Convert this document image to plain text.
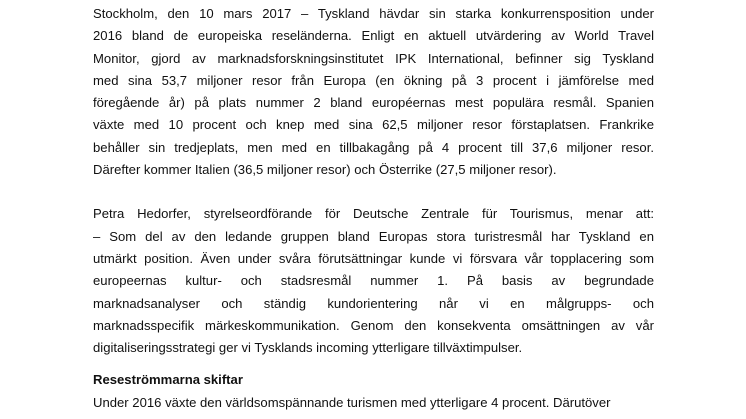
Stockholm, den 10 mars 2017 – Tyskland hävdar sin starka konkurrensposition under
2016 bland de europeiska reseländerna. Enligt en aktuell utvärdering av World Travel
Monitor, gjord av marknadsforskningsinstitutet IPK International, befinner sig Tyskland
med sina 53,7 miljoner resor från Europa (en ökning på 3 procent i jämförelse med
föregående år) på plats nummer 2 bland européernas mest populära resmål. Spanien
växte med 10 procent och knep med sina 62,5 miljoner resor förstaplatsen. Frankrike
behåller sin tredjeplats, men med en tillbakagång på 4 procent till 37,6 miljoner resor.
Därefter kommer Italien (36,5 miljoner resor) och Österrike (27,5 miljoner resor).

Petra Hedorfer, styrelseordförande för Deutsche Zentrale für Tourismus, menar att:
– Som del av den ledande gruppen bland Europas stora turistresmål har Tyskland en
utmärkt position. Även under svåra förutsättningar kunde vi försvara vår topplacering som
europeernas kultur- och stadsresmål nummer 1. På basis av begrundade
marknadsanalyser och ständig kundorientering når vi en målgrupps- och
marknadsspecifik märkeskommunikation. Genom den konsekventa omsättningen av vår
digitaliseringsstrategi ger vi Tysklands incoming ytterligare tillväxtimpulser.

Reseströmmarna skiftar

Under 2016 växte den världsomspännande turismen med ytterligare 4 procent. Därutöver
